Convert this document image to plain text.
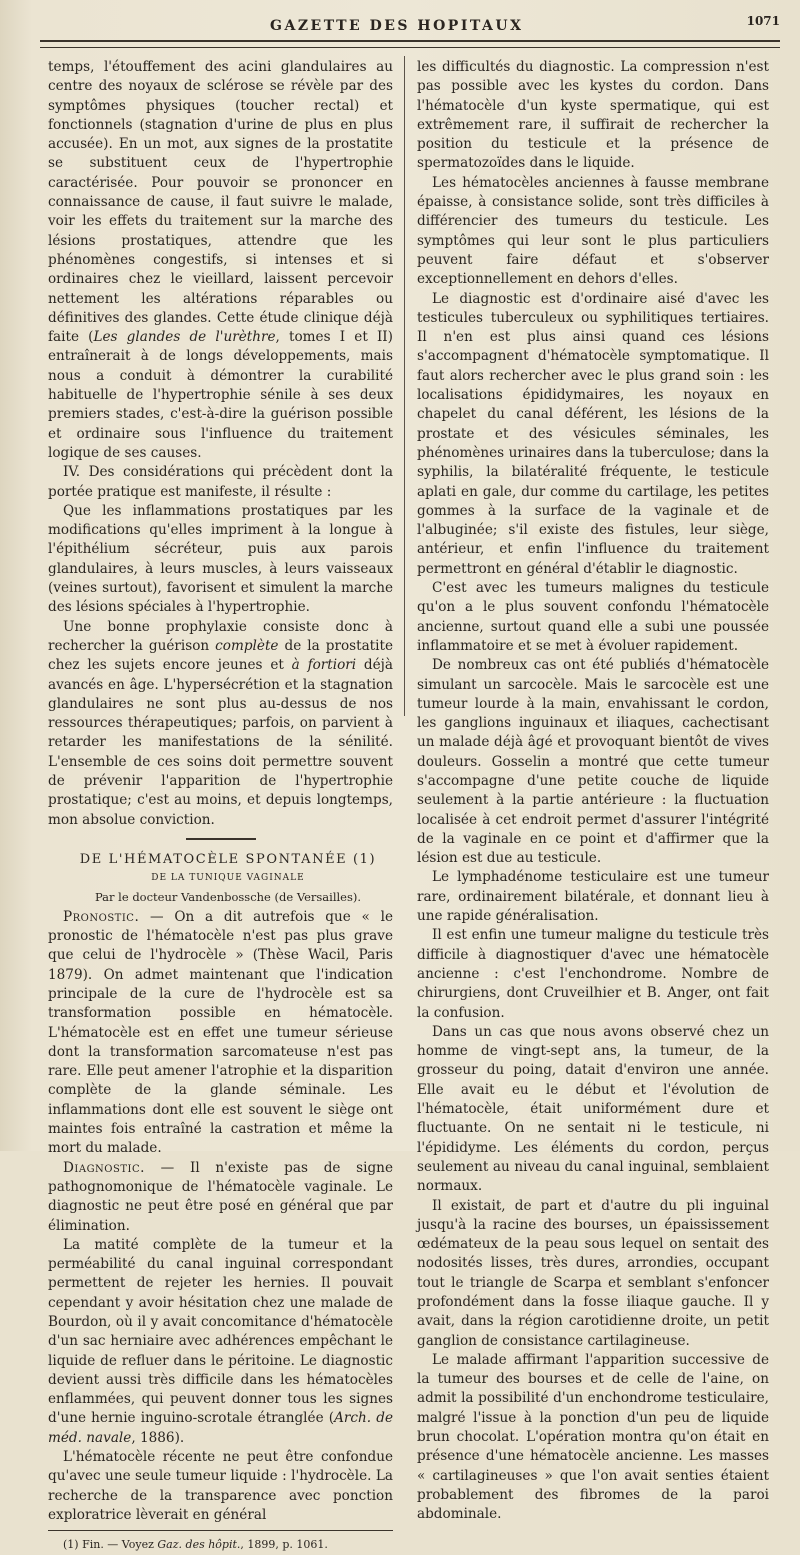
GAZETTE DES HOPITAUX	1071

temps, l'étouffement des acini glandulaires au centre des noyaux de sclérose se révèle par des symptômes physiques (toucher rectal) et fonctionnels (stagnation d'urine de plus en plus accusée). En un mot, aux signes de la prostatite se substituent ceux de l'hypertrophie caractérisée. Pour pouvoir se prononcer en connaissance de cause, il faut suivre le malade, voir les effets du traitement sur la marche des lésions prostatiques, attendre que les phénomènes congestifs, si intenses et si ordinaires chez le vieillard, laissent percevoir nettement les altérations réparables ou définitives des glandes. Cette étude clinique déjà faite (Les glandes de l'urèthre, tomes I et II) entraînerait à de longs développements, mais nous a conduit à démontrer la curabilité habituelle de l'hypertrophie sénile à ses deux premiers stades, c'est-à-dire la guérison possible et ordinaire sous l'influence du traitement logique de ses causes.

IV. Des considérations qui précèdent dont la portée pratique est manifeste, il résulte :

Que les inflammations prostatiques par les modifications qu'elles impriment à la longue à l'épithélium sécréteur, puis aux parois glandulaires, à leurs muscles, à leurs vaisseaux (veines surtout), favorisent et simulent la marche des lésions spéciales à l'hypertrophie.

Une bonne prophylaxie consiste donc à rechercher la guérison complète de la prostatite chez les sujets encore jeunes et à fortiori déjà avancés en âge. L'hypersécrétion et la stagnation glandulaires ne sont plus au-dessus de nos ressources thérapeutiques; parfois, on parvient à retarder les manifestations de la sénilité. L'ensemble de ces soins doit permettre souvent de prévenir l'apparition de l'hypertrophie prostatique; c'est au moins, et depuis longtemps, mon absolue conviction.

DE L'HÉMATOCÈLE SPONTANÉE (1)

DE LA TUNIQUE VAGINALE

Par le docteur Vandenbossche (de Versailles).

Pronostic. — On a dit autrefois que « le pronostic de l'hématocèle n'est pas plus grave que celui de l'hydrocèle » (Thèse Wacil, Paris 1879). On admet maintenant que l'indication principale de la cure de l'hydrocèle est sa transformation possible en hématocèle. L'hématocèle est en effet une tumeur sérieuse dont la transformation sarcomateuse n'est pas rare. Elle peut amener l'atrophie et la disparition complète de la glande séminale. Les inflammations dont elle est souvent le siège ont maintes fois entraîné la castration et même la mort du malade.

Diagnostic. — Il n'existe pas de signe pathognomonique de l'hématocèle vaginale. Le diagnostic ne peut être posé en général que par élimination.

La matité complète de la tumeur et la perméabilité du canal inguinal correspondant permettent de rejeter les hernies. Il pouvait cependant y avoir hésitation chez une malade de Bourdon, où il y avait concomitance d'hématocèle d'un sac herniaire avec adhérences empêchant le liquide de refluer dans le péritoine. Le diagnostic devient aussi très difficile dans les hématocèles enflammées, qui peuvent donner tous les signes d'une hernie inguino-scrotale étranglée (Arch. de méd. navale, 1886).

L'hématocèle récente ne peut être confondue qu'avec une seule tumeur liquide : l'hydrocèle. La recherche de la transparence avec ponction exploratrice lèverait en général

(1) Fin. — Voyez Gaz. des hôpit., 1899, p. 1061.

les difficultés du diagnostic. La compression n'est pas possible avec les kystes du cordon. Dans l'hématocèle d'un kyste spermatique, qui est extrêmement rare, il suffirait de rechercher la position du testicule et la présence de spermatozoïdes dans le liquide.

Les hématocèles anciennes à fausse membrane épaisse, à consistance solide, sont très difficiles à différencier des tumeurs du testicule. Les symptômes qui leur sont le plus particuliers peuvent faire défaut et s'observer exceptionnellement en dehors d'elles.

Le diagnostic est d'ordinaire aisé d'avec les testicules tuberculeux ou syphilitiques tertiaires. Il n'en est plus ainsi quand ces lésions s'accompagnent d'hématocèle symptomatique. Il faut alors rechercher avec le plus grand soin : les localisations épididymaires, les noyaux en chapelet du canal déférent, les lésions de la prostate et des vésicules séminales, les phénomènes urinaires dans la tuberculose; dans la syphilis, la bilatéralité fréquente, le testicule aplati en gale, dur comme du cartilage, les petites gommes à la surface de la vaginale et de l'albuginée; s'il existe des fistules, leur siège, antérieur, et enfin l'influence du traitement permettront en général d'établir le diagnostic.

C'est avec les tumeurs malignes du testicule qu'on a le plus souvent confondu l'hématocèle ancienne, surtout quand elle a subi une poussée inflammatoire et se met à évoluer rapidement.

De nombreux cas ont été publiés d'hématocèle simulant un sarcocèle. Mais le sarcocèle est une tumeur lourde à la main, envahissant le cordon, les ganglions inguinaux et iliaques, cachectisant un malade déjà âgé et provoquant bientôt de vives douleurs. Gosselin a montré que cette tumeur s'accompagne d'une petite couche de liquide seulement à la partie antérieure : la fluctuation localisée à cet endroit permet d'assurer l'intégrité de la vaginale en ce point et d'affirmer que la lésion est due au testicule.

Le lymphadénome testiculaire est une tumeur rare, ordinairement bilatérale, et donnant lieu à une rapide généralisation.

Il est enfin une tumeur maligne du testicule très difficile à diagnostiquer d'avec une hématocèle ancienne : c'est l'enchondrome. Nombre de chirurgiens, dont Cruveilhier et B. Anger, ont fait la confusion.

Dans un cas que nous avons observé chez un homme de vingt-sept ans, la tumeur, de la grosseur du poing, datait d'environ une année. Elle avait eu le début et l'évolution de l'hématocèle, était uniformément dure et fluctuante. On ne sentait ni le testicule, ni l'épididyme. Les éléments du cordon, perçus seulement au niveau du canal inguinal, semblaient normaux.

Il existait, de part et d'autre du pli inguinal jusqu'à la racine des bourses, un épaississement œdémateux de la peau sous lequel on sentait des nodosités lisses, très dures, arrondies, occupant tout le triangle de Scarpa et semblant s'enfoncer profondément dans la fosse iliaque gauche. Il y avait, dans la région carotidienne droite, un petit ganglion de consistance cartilagineuse.

Le malade affirmant l'apparition successive de la tumeur des bourses et de celle de l'aine, on admit la possibilité d'un enchondrome testiculaire, malgré l'issue à la ponction d'un peu de liquide brun chocolat. L'opération montra qu'on était en présence d'une hématocèle ancienne. Les masses « cartilagineuses » que l'on avait senties étaient probablement des fibromes de la paroi abdominale.
